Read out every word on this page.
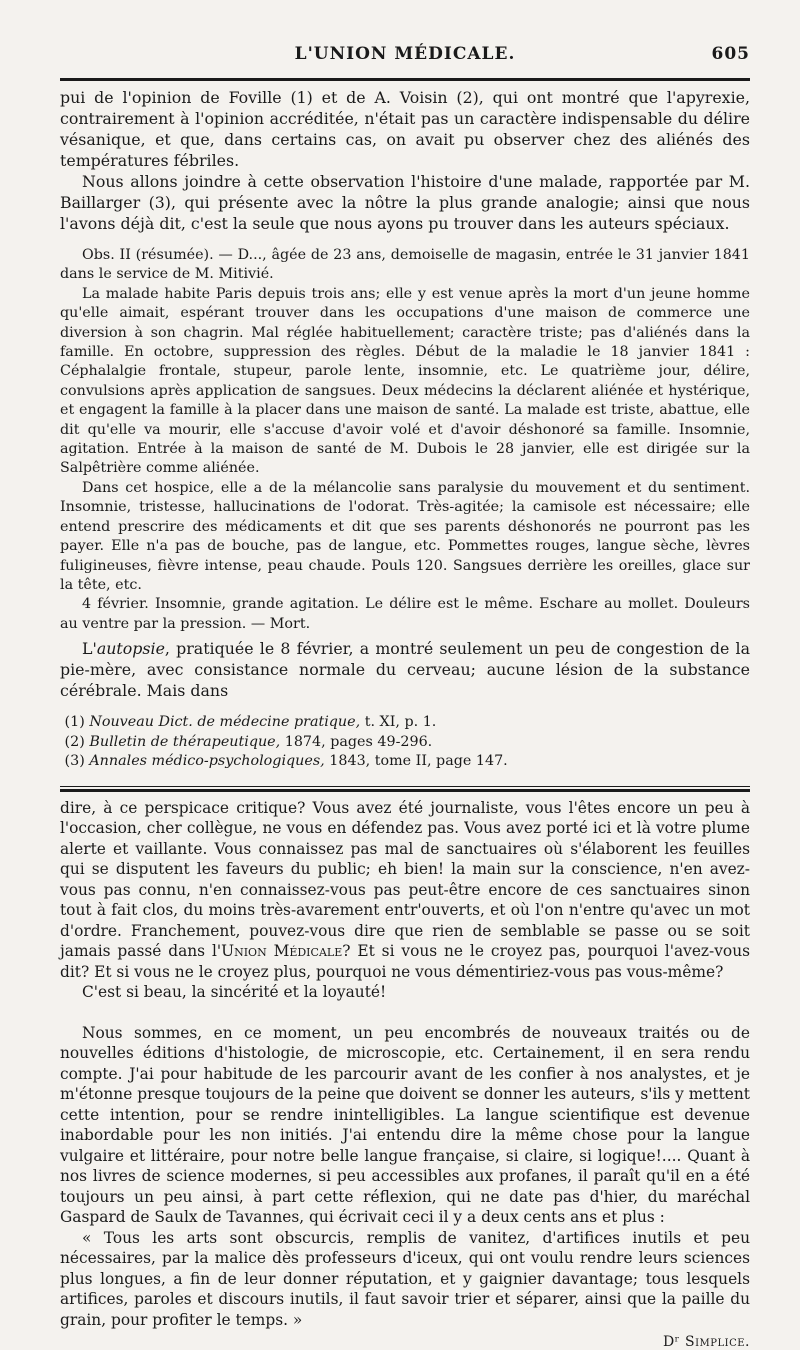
L'UNION MÉDICALE.	605

pui de l'opinion de Foville (1) et de A. Voisin (2), qui ont montré que l'apyrexie, contrairement à l'opinion accréditée, n'était pas un caractère indispensable du délire vésanique, et que, dans certains cas, on avait pu observer chez des aliénés des températures fébriles.

Nous allons joindre à cette observation l'histoire d'une malade, rapportée par M. Baillarger (3), qui présente avec la nôtre la plus grande analogie; ainsi que nous l'avons déjà dit, c'est la seule que nous ayons pu trouver dans les auteurs spéciaux.

Obs. II (résumée). — D..., âgée de 23 ans, demoiselle de magasin, entrée le 31 janvier 1841 dans le service de M. Mitivié.

La malade habite Paris depuis trois ans; elle y est venue après la mort d'un jeune homme qu'elle aimait, espérant trouver dans les occupations d'une maison de commerce une diversion à son chagrin. Mal réglée habituellement; caractère triste; pas d'aliénés dans la famille. En octobre, suppression des règles. Début de la maladie le 18 janvier 1841 : Céphalalgie frontale, stupeur, parole lente, insomnie, etc. Le quatrième jour, délire, convulsions après application de sangsues. Deux médecins la déclarent aliénée et hystérique, et engagent la famille à la placer dans une maison de santé. La malade est triste, abattue, elle dit qu'elle va mourir, elle s'accuse d'avoir volé et d'avoir déshonoré sa famille. Insomnie, agitation. Entrée à la maison de santé de M. Dubois le 28 janvier, elle est dirigée sur la Salpêtrière comme aliénée.

Dans cet hospice, elle a de la mélancolie sans paralysie du mouvement et du sentiment. Insomnie, tristesse, hallucinations de l'odorat. Très-agitée; la camisole est nécessaire; elle entend prescrire des médicaments et dit que ses parents déshonorés ne pourront pas les payer. Elle n'a pas de bouche, pas de langue, etc. Pommettes rouges, langue sèche, lèvres fuligineuses, fièvre intense, peau chaude. Pouls 120. Sangsues derrière les oreilles, glace sur la tête, etc.

4 février. Insomnie, grande agitation. Le délire est le même. Eschare au mollet. Douleurs au ventre par la pression. — Mort.

L'autopsie, pratiquée le 8 février, a montré seulement un peu de congestion de la pie-mère, avec consistance normale du cerveau; aucune lésion de la substance cérébrale. Mais dans

(1) Nouveau Dict. de médecine pratique, t. XI, p. 1.
(2) Bulletin de thérapeutique, 1874, pages 49-296.
(3) Annales médico-psychologiques, 1843, tome II, page 147.

dire, à ce perspicace critique? Vous avez été journaliste, vous l'êtes encore un peu à l'occasion, cher collègue, ne vous en défendez pas. Vous avez porté ici et là votre plume alerte et vaillante. Vous connaissez pas mal de sanctuaires où s'élaborent les feuilles qui se disputent les faveurs du public; eh bien! la main sur la conscience, n'en avez-vous pas connu, n'en connaissez-vous pas peut-être encore de ces sanctuaires sinon tout à fait clos, du moins très-avarement entr'ouverts, et où l'on n'entre qu'avec un mot d'ordre. Franchement, pouvez-vous dire que rien de semblable se passe ou se soit jamais passé dans l'Union Médicale? Et si vous ne le croyez pas, pourquoi l'avez-vous dit? Et si vous ne le croyez plus, pourquoi ne vous démentiriez-vous pas vous-même?

C'est si beau, la sincérité et la loyauté!

Nous sommes, en ce moment, un peu encombrés de nouveaux traités ou de nouvelles éditions d'histologie, de microscopie, etc. Certainement, il en sera rendu compte. J'ai pour habitude de les parcourir avant de les confier à nos analystes, et je m'étonne presque toujours de la peine que doivent se donner les auteurs, s'ils y mettent cette intention, pour se rendre inintelligibles. La langue scientifique est devenue inabordable pour les non initiés. J'ai entendu dire la même chose pour la langue vulgaire et littéraire, pour notre belle langue française, si claire, si logique!.... Quant à nos livres de science modernes, si peu accessibles aux profanes, il paraît qu'il en a été toujours un peu ainsi, à part cette réflexion, qui ne date pas d'hier, du maréchal Gaspard de Saulx de Tavannes, qui écrivait ceci il y a deux cents ans et plus :

« Tous les arts sont obscurcis, remplis de vanitez, d'artifices inutils et peu nécessaires, par la malice dès professeurs d'iceux, qui ont voulu rendre leurs sciences plus longues, a fin de leur donner réputation, et y gaignier davantage; tous lesquels artifices, paroles et discours inutils, il faut savoir trier et séparer, ainsi que la paille du grain, pour profiter le temps. »

Dʳ Simplice.
